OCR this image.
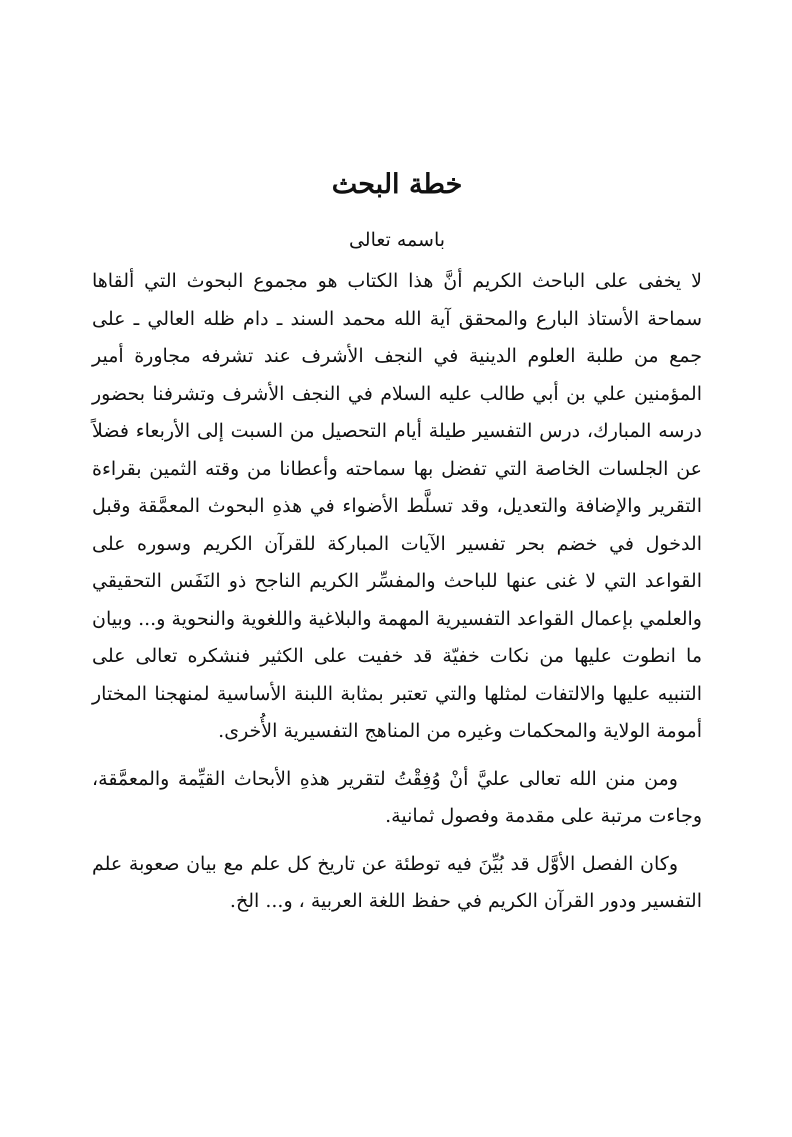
خطة البحث
باسمه تعالى

لا يخفى على الباحث الكريم أنَّ هذا الكتاب هو مجموع البحوث التي ألقاها سماحة الأستاذ البارع والمحقق آية الله محمد السند ـ دام ظله العالي ـ على جمع من طلبة العلوم الدينية في النجف الأشرف عند تشرفه مجاورة أمير المؤمنين علي بن أبي طالب عليه السلام في النجف الأشرف وتشرفنا بحضور درسه المبارك، درس التفسير طيلة أيام التحصيل من السبت إلى الأربعاء فضلاً عن الجلسات الخاصة التي تفضل بها سماحته وأعطانا من وقته الثمين بقراءة التقرير والإضافة والتعديل، وقد تسلَّط الأضواء في هذهِ البحوث المعمَّقة وقبل الدخول في خضم بحر تفسير الآيات المباركة للقرآن الكريم وسوره على القواعد التي لا غنى عنها للباحث والمفسِّر الكريم الناجح ذو النَفَس التحقيقي والعلمي بإعمال القواعد التفسيرية المهمة والبلاغية واللغوية والنحوية و... وبيان ما انطوت عليها من نكات خفيّة قد خفيت على الكثير فنشكره تعالى على التنبيه عليها والالتفات لمثلها والتي تعتبر بمثابة اللبنة الأساسية لمنهجنا المختار أمومة الولاية والمحكمات وغيره من المناهج التفسيرية الأُخرى.

ومن منن الله تعالى عليَّ أنْ وُفِقْتُ لتقرير هذهِ الأبحاث القيِّمة والمعمَّقة، وجاءت مرتبة على مقدمة وفصول ثمانية.

وكان الفصل الأوَّل قد بُيِّنَ فيه توطئة عن تاريخ كل علم مع بيان صعوبة علم التفسير ودور القرآن الكريم في حفظ اللغة العربية ، و... الخ.
